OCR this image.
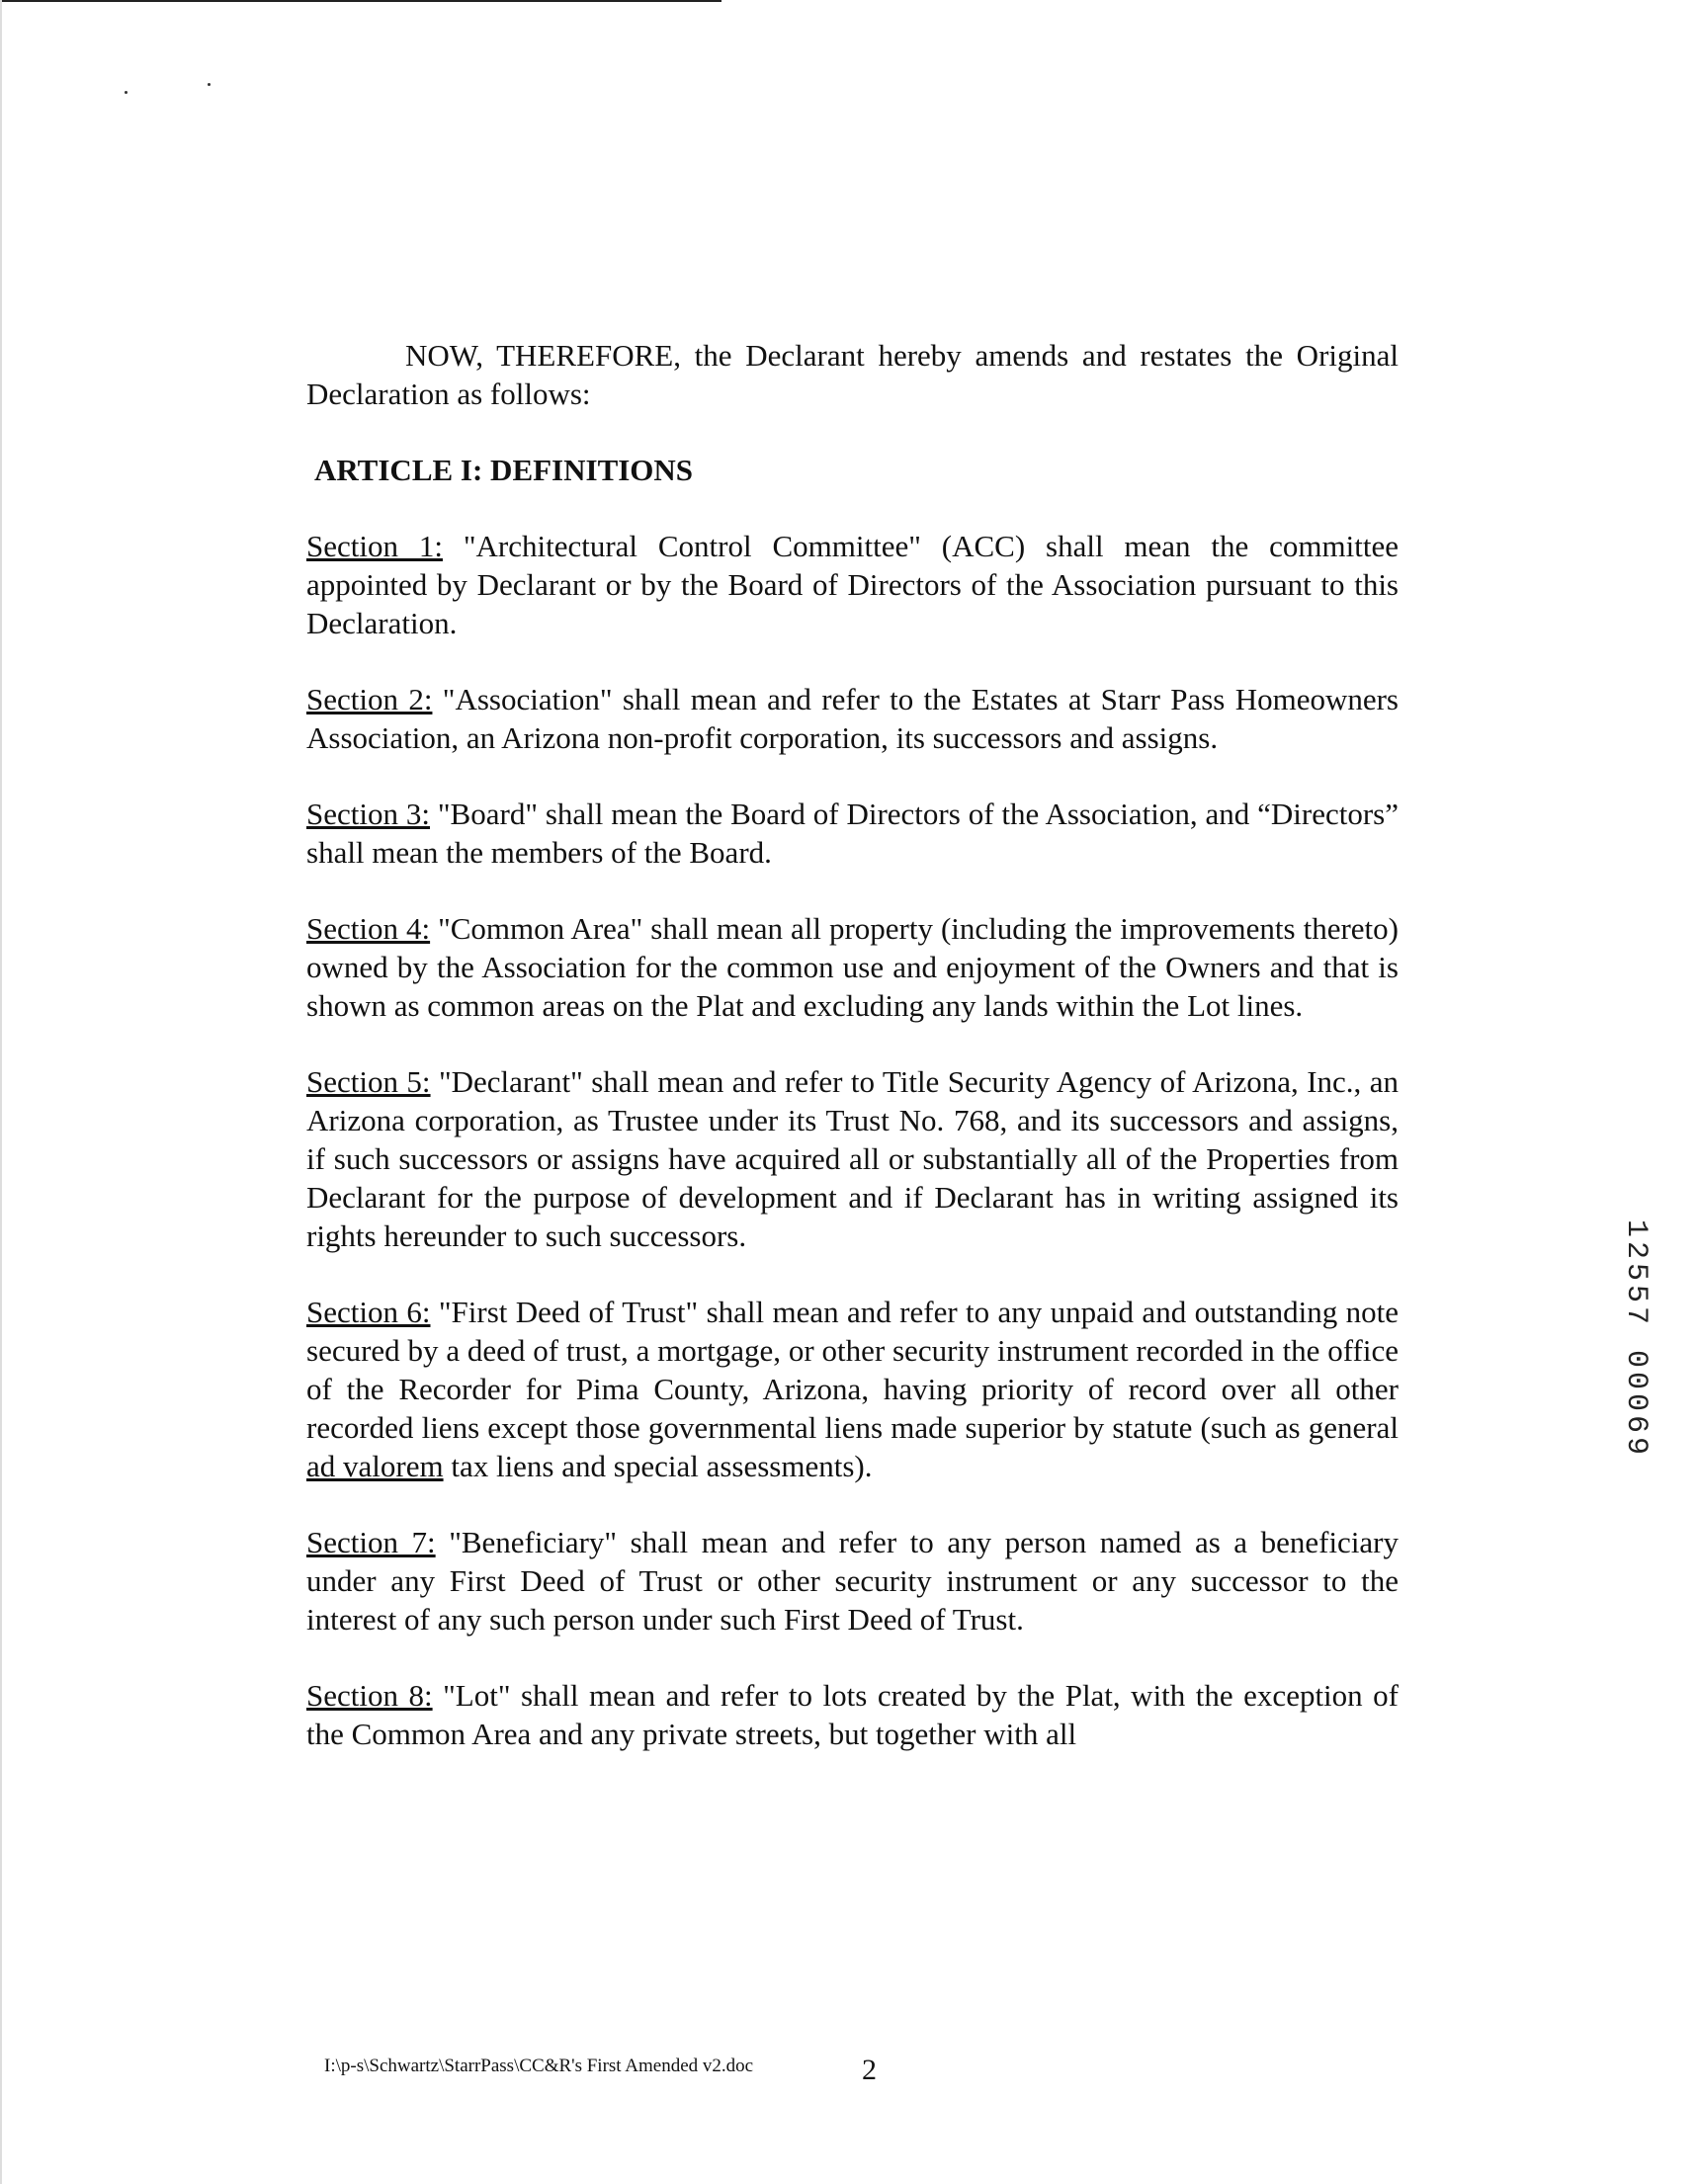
NOW, THEREFORE, the Declarant hereby amends and restates the Original Declaration as follows:

ARTICLE I: DEFINITIONS

Section 1: "Architectural Control Committee" (ACC) shall mean the committee appointed by Declarant or by the Board of Directors of the Association pursuant to this Declaration.

Section 2: "Association" shall mean and refer to the Estates at Starr Pass Homeowners Association, an Arizona non-profit corporation, its successors and assigns.

Section 3: "Board" shall mean the Board of Directors of the Association, and “Directors” shall mean the members of the Board.

Section 4: "Common Area" shall mean all property (including the improvements thereto) owned by the Association for the common use and enjoyment of the Owners and that is shown as common areas on the Plat and excluding any lands within the Lot lines.

Section 5: "Declarant" shall mean and refer to Title Security Agency of Arizona, Inc., an Arizona corporation, as Trustee under its Trust No. 768, and its successors and assigns, if such successors or assigns have acquired all or substantially all of the Properties from Declarant for the purpose of development and if Declarant has in writing assigned its rights hereunder to such successors.

Section 6: "First Deed of Trust" shall mean and refer to any unpaid and outstanding note secured by a deed of trust, a mortgage, or other security instrument recorded in the office of the Recorder for Pima County, Arizona, having priority of record over all other recorded liens except those governmental liens made superior by statute (such as general ad valorem tax liens and special assessments).

Section 7: "Beneficiary" shall mean and refer to any person named as a beneficiary under any First Deed of Trust or other security instrument or any successor to the interest of any such person under such First Deed of Trust.

Section 8: "Lot" shall mean and refer to lots created by the Plat, with the exception of the Common Area and any private streets, but together with all

12557 00069
I:\p-s\Schwartz\StarrPass\CC&R's First Amended v2.doc	2
